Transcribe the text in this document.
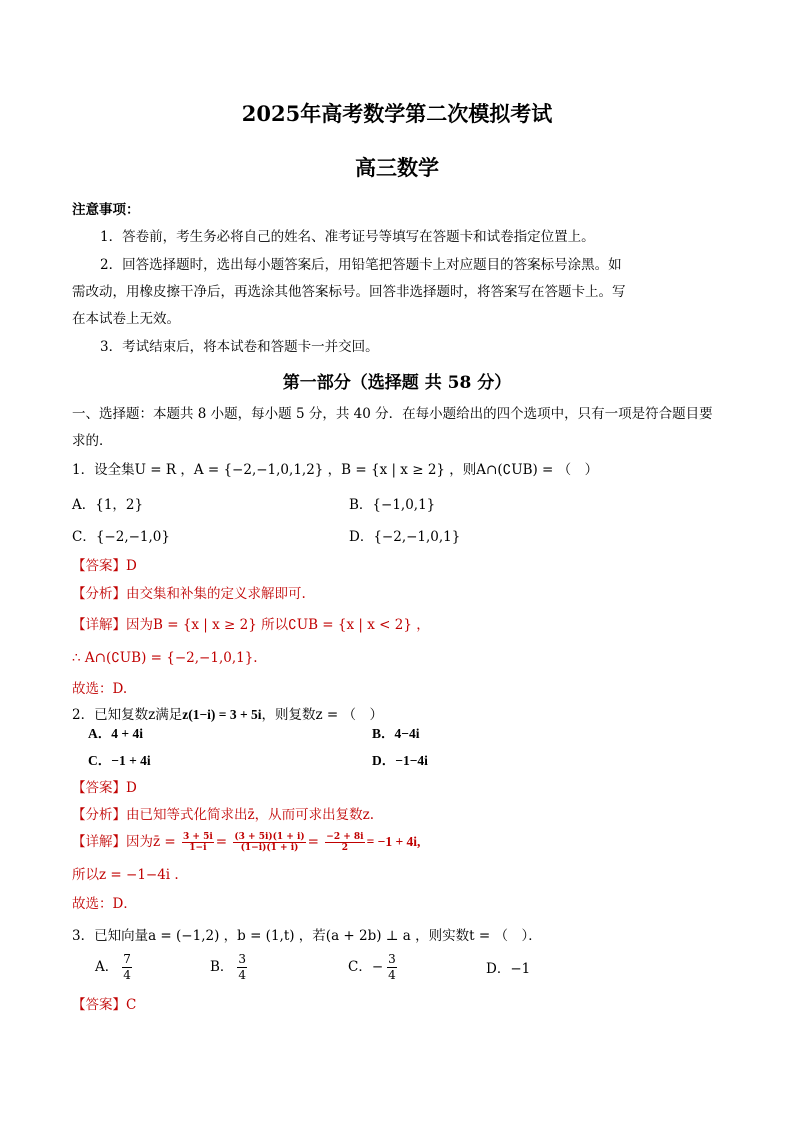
2025年高考数学第二次模拟考试
高三数学
注意事项：
1．答卷前，考生务必将自己的姓名、准考证号等填写在答题卡和试卷指定位置上。
2．回答选择题时，选出每小题答案后，用铅笔把答题卡上对应题目的答案标号涂黑。如
需改动，用橡皮擦干净后，再选涂其他答案标号。回答非选择题时，将答案写在答题卡上。写
在本试卷上无效。
3．考试结束后，将本试卷和答题卡一并交回。
第一部分（选择题 共 58 分）
一、选择题：本题共 8 小题，每小题 5 分，共 40 分．在每小题给出的四个选项中，只有一项是符合题目要
求的．
1．设全集U = R ，A = {−2,−1,0,1,2} ，B = {x | x ≥ 2} ，则A∩(∁UB) = （　）
A．{1，2}	B．{−1,0,1}
C．{−2,−1,0}	D．{−2,−1,0,1}
【答案】D
【分析】由交集和补集的定义求解即可.
【详解】因为B = {x | x ≥ 2} 所以∁UB = {x | x < 2} ，
∴ A∩(∁UB) = {−2,−1,0,1}.
故选：D.
2．已知复数z满足z(1−i) = 3 + 5i，则复数z = （　）
A．4 + 4i	B．4−4i
C．−1 + 4i	D．−1−4i
【答案】D
【分析】由已知等式化简求出z̄，从而可求出复数z.
【详解】因为z̄ = $\frac{3 + 5i}{1-i} = \frac{(3 + 5i)(1 + i)}{(1-i)(1 + i)} = \frac{-2 + 8i}{2} = -1 + 4i$,
所以z = −1−4i .
故选：D．
3．已知向量a = (−1,2) ，b = (1,t) ，若(a + 2b) ⊥ a ，则实数t = （　）．
A． $\frac{7}{4}$	B． $\frac{3}{4}$	C．− $\frac{3}{4}$	D．−1
【答案】C
